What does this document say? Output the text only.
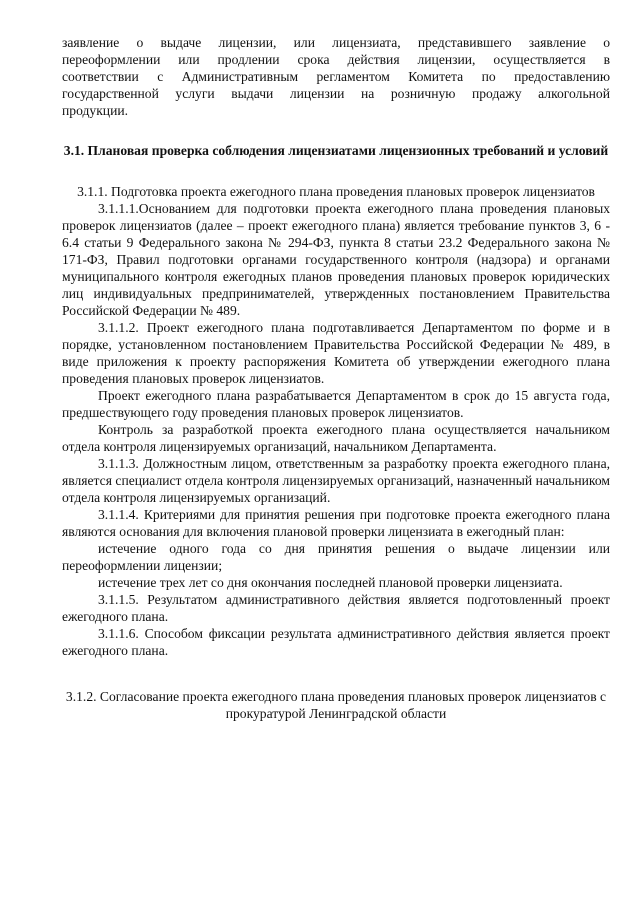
заявление о выдаче лицензии, или лицензиата, представившего заявление о
переоформлении или продлении срока действия лицензии, осуществляется в
соответствии с Административным регламентом Комитета по предоставлению
государственной услуги выдачи лицензии на розничную продажу алкогольной
продукции.

3.1. Плановая проверка соблюдения лицензиатами лицензионных требований и условий

3.1.1. Подготовка проекта ежегодного плана проведения плановых проверок лицензиатов

3.1.1.1.Основанием для подготовки проекта ежегодного плана проведения плановых проверок лицензиатов (далее – проект ежегодного плана) является требование пунктов 3, 6 - 6.4 статьи 9 Федерального закона № 294-ФЗ, пункта 8 статьи 23.2 Федерального закона № 171-ФЗ, Правил подготовки органами государственного контроля (надзора) и органами муниципального контроля ежегодных планов проведения плановых проверок юридических лиц индивидуальных предпринимателей, утвержденных постановлением Правительства Российской Федерации № 489.

3.1.1.2. Проект ежегодного плана подготавливается Департаментом по форме и в порядке, установленном постановлением Правительства Российской Федерации № 489, в виде приложения к проекту распоряжения Комитета об утверждении ежегодного плана проведения плановых проверок лицензиатов.

Проект ежегодного плана разрабатывается Департаментом в срок до 15 августа года, предшествующего году проведения плановых проверок лицензиатов.

Контроль за разработкой проекта ежегодного плана осуществляется начальником отдела контроля лицензируемых организаций, начальником Департамента.

3.1.1.3. Должностным лицом, ответственным за разработку проекта ежегодного плана, является специалист отдела контроля лицензируемых организаций, назначенный начальником отдела контроля лицензируемых организаций.

3.1.1.4. Критериями для принятия решения при подготовке проекта ежегодного плана являются основания для включения плановой проверки лицензиата в ежегодный план:

истечение одного года со дня принятия решения о выдаче лицензии или переоформлении лицензии;

истечение трех лет со дня окончания последней плановой проверки лицензиата.

3.1.1.5. Результатом административного действия является подготовленный проект ежегодного плана.

3.1.1.6. Способом фиксации результата административного действия является проект ежегодного плана.

3.1.2. Согласование проекта ежегодного плана проведения плановых проверок лицензиатов с прокуратурой Ленинградской области
